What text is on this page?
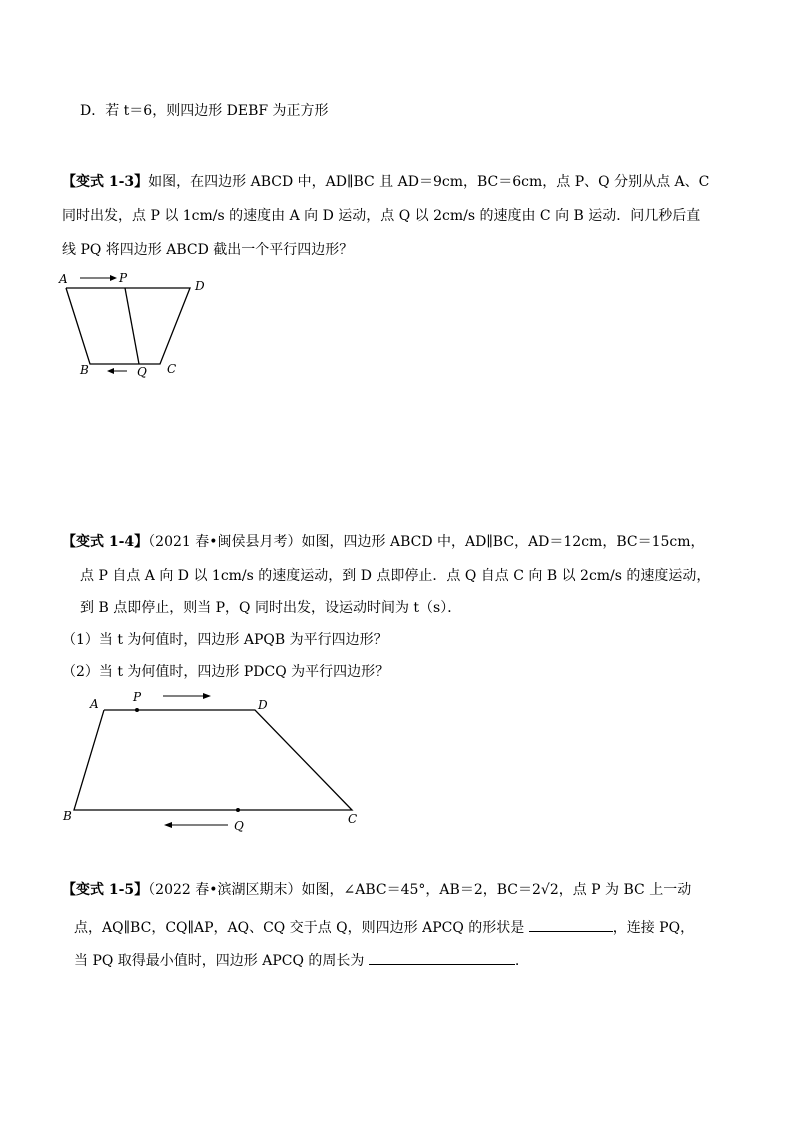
D．若 t＝6，则四边形 DEBF 为正方形
【变式 1-3】如图，在四边形 ABCD 中，AD∥BC 且 AD＝9cm，BC＝6cm，点 P、Q 分别从点 A、C
同时出发，点 P 以 1cm/s 的速度由 A 向 D 运动，点 Q 以 2cm/s 的速度由 C 向 B 运动．问几秒后直
线 PQ 将四边形 ABCD 截出一个平行四边形？
A	P
D
B	Q C
【变式 1-4】（2021 春•闽侯县月考）如图，四边形 ABCD 中，AD∥BC，AD＝12cm，BC＝15cm，
点 P 自点 A 向 D 以 1cm/s 的速度运动，到 D 点即停止．点 Q 自点 C 向 B 以 2cm/s 的速度运动，
到 B 点即停止，则当 P，Q 同时出发，设运动时间为 t（s）．
（1）当 t 为何值时，四边形 APQB 为平行四边形？
（2）当 t 为何值时，四边形 PDCQ 为平行四边形？
A	P
D
B
Q	C
【变式 1-5】（2022 春•滨湖区期末）如图，∠ABC＝45°，AB＝2，BC＝2√2，点 P 为 BC 上一动
点，AQ∥BC，CQ∥AP，AQ、CQ 交于点 Q，则四边形 APCQ 的形状是	，连接 PQ，
当 PQ 取得最小值时，四边形 APCQ 的周长为	.
